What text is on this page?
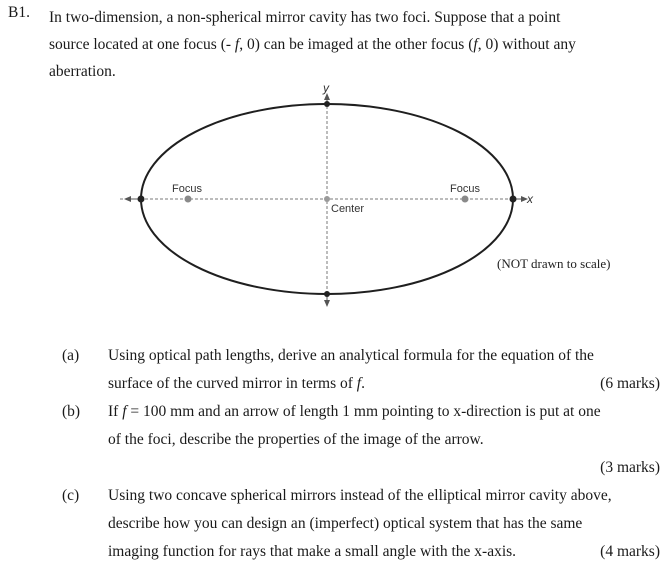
B1. In two-dimension, a non-spherical mirror cavity has two foci. Suppose that a point
source located at one focus (- f, 0) can be imaged at the other focus (f, 0) without any
aberration.
Focus	Focus
Center
y
x
(NOT drawn to scale)
(a)	Using optical path lengths, derive an analytical formula for the equation of the
surface of the curved mirror in terms of f.	(6 marks)
(b)	If f = 100 mm and an arrow of length 1 mm pointing to x-direction is put at one
of the foci, describe the properties of the image of the arrow.
(3 marks)
(c)	Using two concave spherical mirrors instead of the elliptical mirror cavity above,
describe how you can design an (imperfect) optical system that has the same
imaging function for rays that make a small angle with the x-axis.	(4 marks)
